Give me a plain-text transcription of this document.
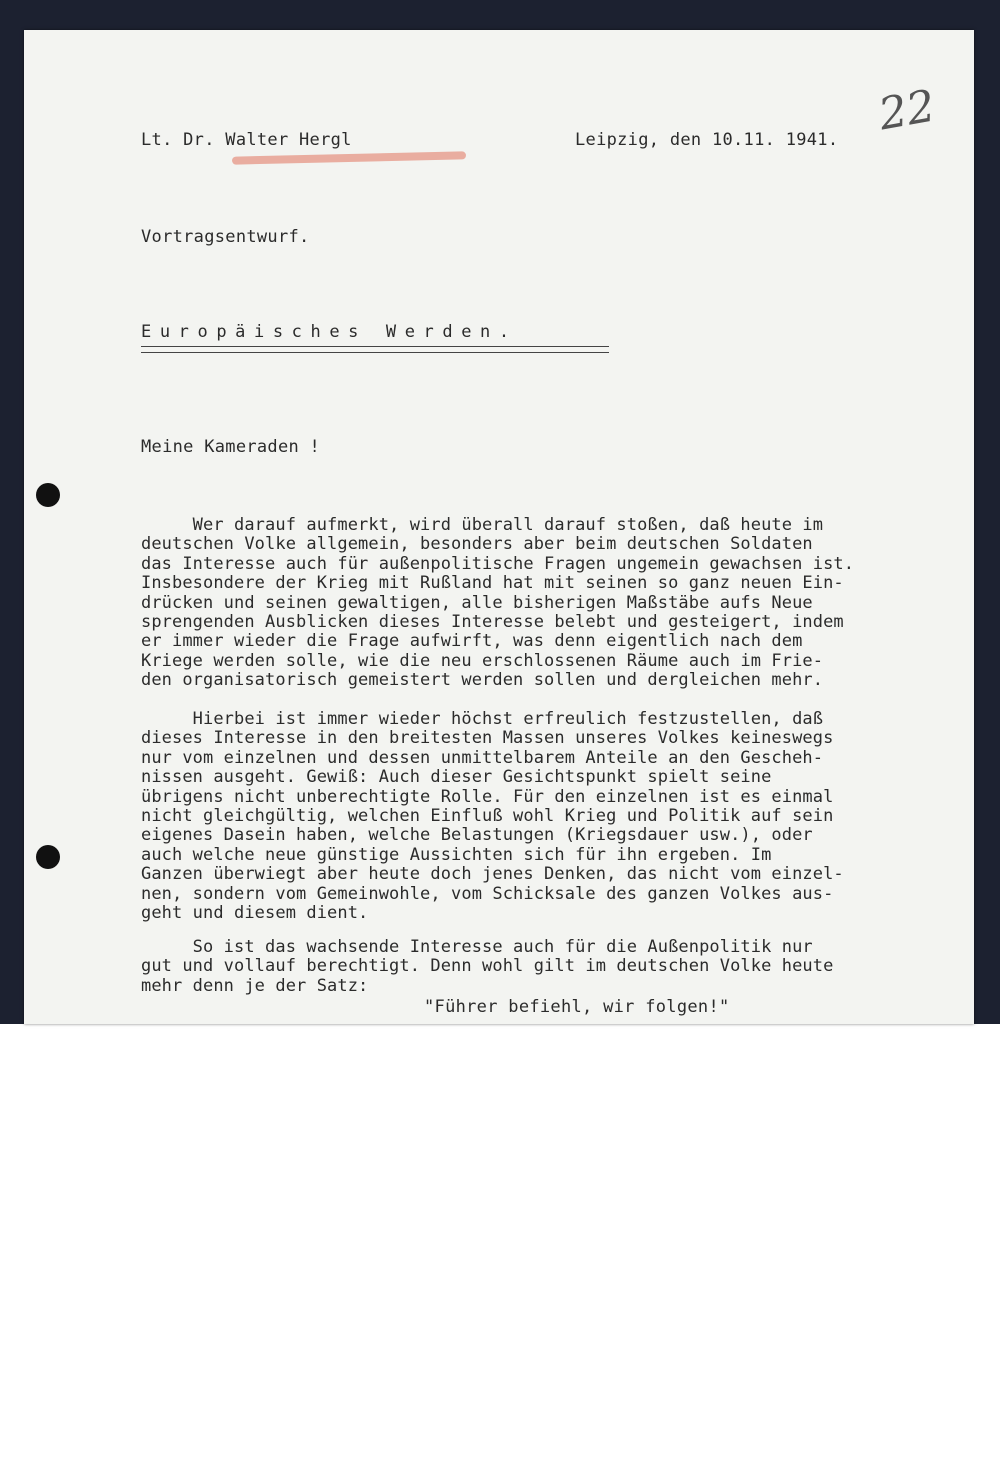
22
Lt. Dr. Walter Hergl	Leipzig, den 10.11. 1941.
Vortragsentwurf.
Europäisches Werden.
Meine Kameraden !
Wer darauf aufmerkt, wird überall darauf stoßen, daß heute im
deutschen Volke allgemein, besonders aber beim deutschen Soldaten
das Interesse auch für außenpolitische Fragen ungemein gewachsen ist.
Insbesondere der Krieg mit Rußland hat mit seinen so ganz neuen Ein-
drücken und seinen gewaltigen, alle bisherigen Maßstäbe aufs Neue
sprengenden Ausblicken dieses Interesse belebt und gesteigert, indem
er immer wieder die Frage aufwirft, was denn eigentlich nach dem
Kriege werden solle, wie die neu erschlossenen Räume auch im Frie-
den organisatorisch gemeistert werden sollen und dergleichen mehr.
Hierbei ist immer wieder höchst erfreulich festzustellen, daß
dieses Interesse in den breitesten Massen unseres Volkes keineswegs
nur vom einzelnen und dessen unmittelbarem Anteile an den Gescheh-
nissen ausgeht. Gewiß: Auch dieser Gesichtspunkt spielt seine
übrigens nicht unberechtigte Rolle. Für den einzelnen ist es einmal
nicht gleichgültig, welchen Einfluß wohl Krieg und Politik auf sein
eigenes Dasein haben, welche Belastungen (Kriegsdauer usw.), oder
auch welche neue günstige Aussichten sich für ihn ergeben. Im
Ganzen überwiegt aber heute doch jenes Denken, das nicht vom einzel-
nen, sondern vom Gemeinwohle, vom Schicksale des ganzen Volkes aus-
geht und diesem dient.
So ist das wachsende Interesse auch für die Außenpolitik nur
gut und vollauf berechtigt. Denn wohl gilt im deutschen Volke heute
mehr denn je der Satz:
"Führer befiehl, wir folgen!"
